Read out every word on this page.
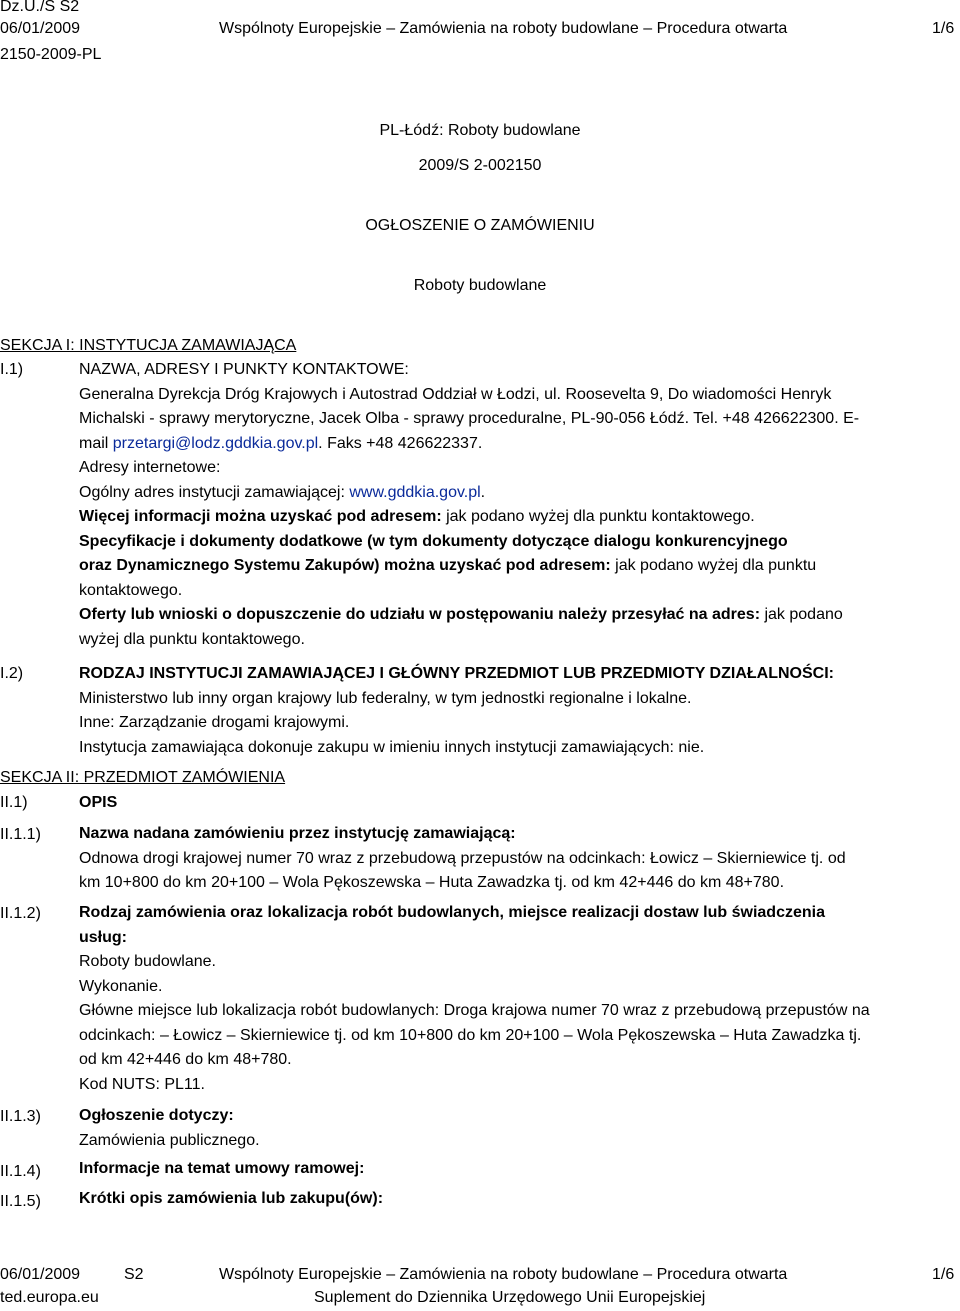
Dz.U./S S2
06/01/2009
2150-2009-PL
Wspólnoty Europejskie – Zamówienia na roboty budowlane – Procedura otwarta	1/6
PL-Łódź: Roboty budowlane
2009/S 2-002150
OGŁOSZENIE O ZAMÓWIENIU
Roboty budowlane
SEKCJA I: INSTYTUCJA ZAMAWIAJĄCA
I.1)	NAZWA, ADRESY I PUNKTY KONTAKTOWE:

Generalna Dyrekcja Dróg Krajowych i Autostrad Oddział w Łodzi, ul. Roosevelta 9, Do wiadomości Henryk

Michalski - sprawy merytoryczne, Jacek Olba - sprawy proceduralne, PL-90-056 Łódź. Tel. +48 426622300. E-

mail przetargi@lodz.gddkia.gov.pl. Faks +48 426622337.

Adresy internetowe:

Ogólny adres instytucji zamawiającej: www.gddkia.gov.pl.

Więcej informacji można uzyskać pod adresem: jak podano wyżej dla punktu kontaktowego.

Specyfikacje i dokumenty dodatkowe (w tym dokumenty dotyczące dialogu konkurencyjnego

oraz Dynamicznego Systemu Zakupów) można uzyskać pod adresem: jak podano wyżej dla punktu

kontaktowego.

Oferty lub wnioski o dopuszczenie do udziału w postępowaniu należy przesyłać na adres: jak podano

wyżej dla punktu kontaktowego.

I.2)	RODZAJ INSTYTUCJI ZAMAWIAJĄCEJ I GŁÓWNY PRZEDMIOT LUB PRZEDMIOTY DZIAŁALNOŚCI:

Ministerstwo lub inny organ krajowy lub federalny, w tym jednostki regionalne i lokalne.

Inne: Zarządzanie drogami krajowymi.

Instytucja zamawiająca dokonuje zakupu w imieniu innych instytucji zamawiających: nie.

SEKCJA II: PRZEDMIOT ZAMÓWIENIA
II.1)	OPIS
II.1.1) Nazwa nadana zamówieniu przez instytucję zamawiającą:

Odnowa drogi krajowej numer 70 wraz z przebudową przepustów na odcinkach: Łowicz – Skierniewice tj. od

km 10+800 do km 20+100 – Wola Pękoszewska – Huta Zawadzka tj. od km 42+446 do km 48+780.

II.1.2) Rodzaj zamówienia oraz lokalizacja robót budowlanych, miejsce realizacji dostaw lub świadczenia

usług:

Roboty budowlane.

Wykonanie.

Główne miejsce lub lokalizacja robót budowlanych: Droga krajowa numer 70 wraz z przebudową przepustów na

odcinkach: – Łowicz – Skierniewice tj. od km 10+800 do km 20+100 – Wola Pękoszewska – Huta Zawadzka tj.

od km 42+446 do km 48+780.

Kod NUTS: PL11.

II.1.3) Ogłoszenie dotyczy:

Zamówienia publicznego.

II.1.4) Informacje na temat umowy ramowej:
II.1.5) Krótki opis zamówienia lub zakupu(ów):
06/01/2009	S2	Wspólnoty Europejskie – Zamówienia na roboty budowlane – Procedura otwarta	1/6
ted.europa.eu	Suplement do Dziennika Urzędowego Unii Europejskiej
